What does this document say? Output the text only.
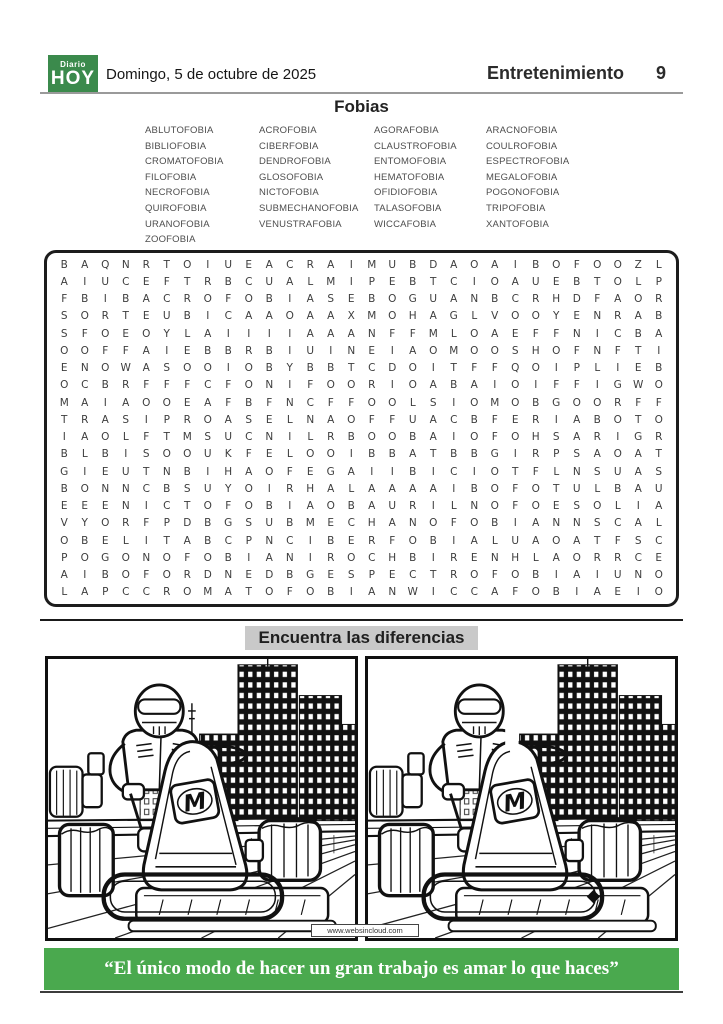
Diario
HOY Domingo, 5 de octubre de 2025	Entretenimiento 9
Fobias
ABLUTOFOBIA
BIBLIOFOBIA
CROMATOFOBIA
FILOFOBIA
NECROFOBIA
QUIROFOBIA
URANOFOBIA
ZOOFOBIA
ACROFOBIA
CIBERFOBIA
DENDROFOBIA
GLOSOFOBIA
NICTOFOBIA
SUBMECHANOFOBIA
VENUSTRAFOBIA
AGORAFOBIA
CLAUSTROFOBIA
ENTOMOFOBIA
HEMATOFOBIA
OFIDIOFOBIA
TALASOFOBIA
WICCAFOBIA
ARACNOFOBIA
COULROFOBIA
ESPECTROFOBIA
MEGALOFOBIA
POGONOFOBIA
TRIPOFOBIA
XANTOFOBIA
B A Q N R T O I U E A C R A I M U B D A O A I B O F O O Z L
A I U C E F T R B C U A L M I P E B T C I O A U E B T O L P
F B I B A C R O F O B I A S E B O G U A N B C R H D F A O R
S O R T E U B I C A A O A A X M O H A G L V O O Y E N R A B
S F O E O Y L A I I I I A A A N F F M L O A E F F N I C B A
O O F F A I E B B R B I U I N E I A O M O O S H O F N F T I
E N O W A S O O I O B Y B B T C D O I T F F Q O I P L I E B
O C B R F F F C F O N I F O O R I O A B A I O I F F I G W O
M A I A O O E A F B F N C F F O O L S I O M O B G O O R F F
T R A S I P R O A S E L N A O F F U A C B F E R I A B O T O
I A O L F T M S U C N I L R B O O B A I O F O H S A R I G R
B L B I S O O U K F E L O O I B B A T B B G I R P S A O A T
G I E U T N B I H A O F E G A I I B I C I O T F L N S U A S
B O N N C B S U Y O I R H A L A A A A I B O F O T U L B A U
E E E N I C T O F O B I A O B A U R I L N O F O E S O L I A
V Y O R F P D B G S U B M E C H A N O F O B I A N N S C A L
O B E L I T A B C P N C I B E R F O B I A L U A O A T F S C
P O G O N O F O B I A N I R O C H B I R E N H L A O R R C E
A I B O F O R D N E D B G E S P E C T R O F O B I A I U N O
L A P C C R O M A T O F O B I A N W I C C A F O B I A E I O
Encuentra las diferencias
www.websincloud.com
“El único modo de hacer un gran trabajo es amar lo que haces”
